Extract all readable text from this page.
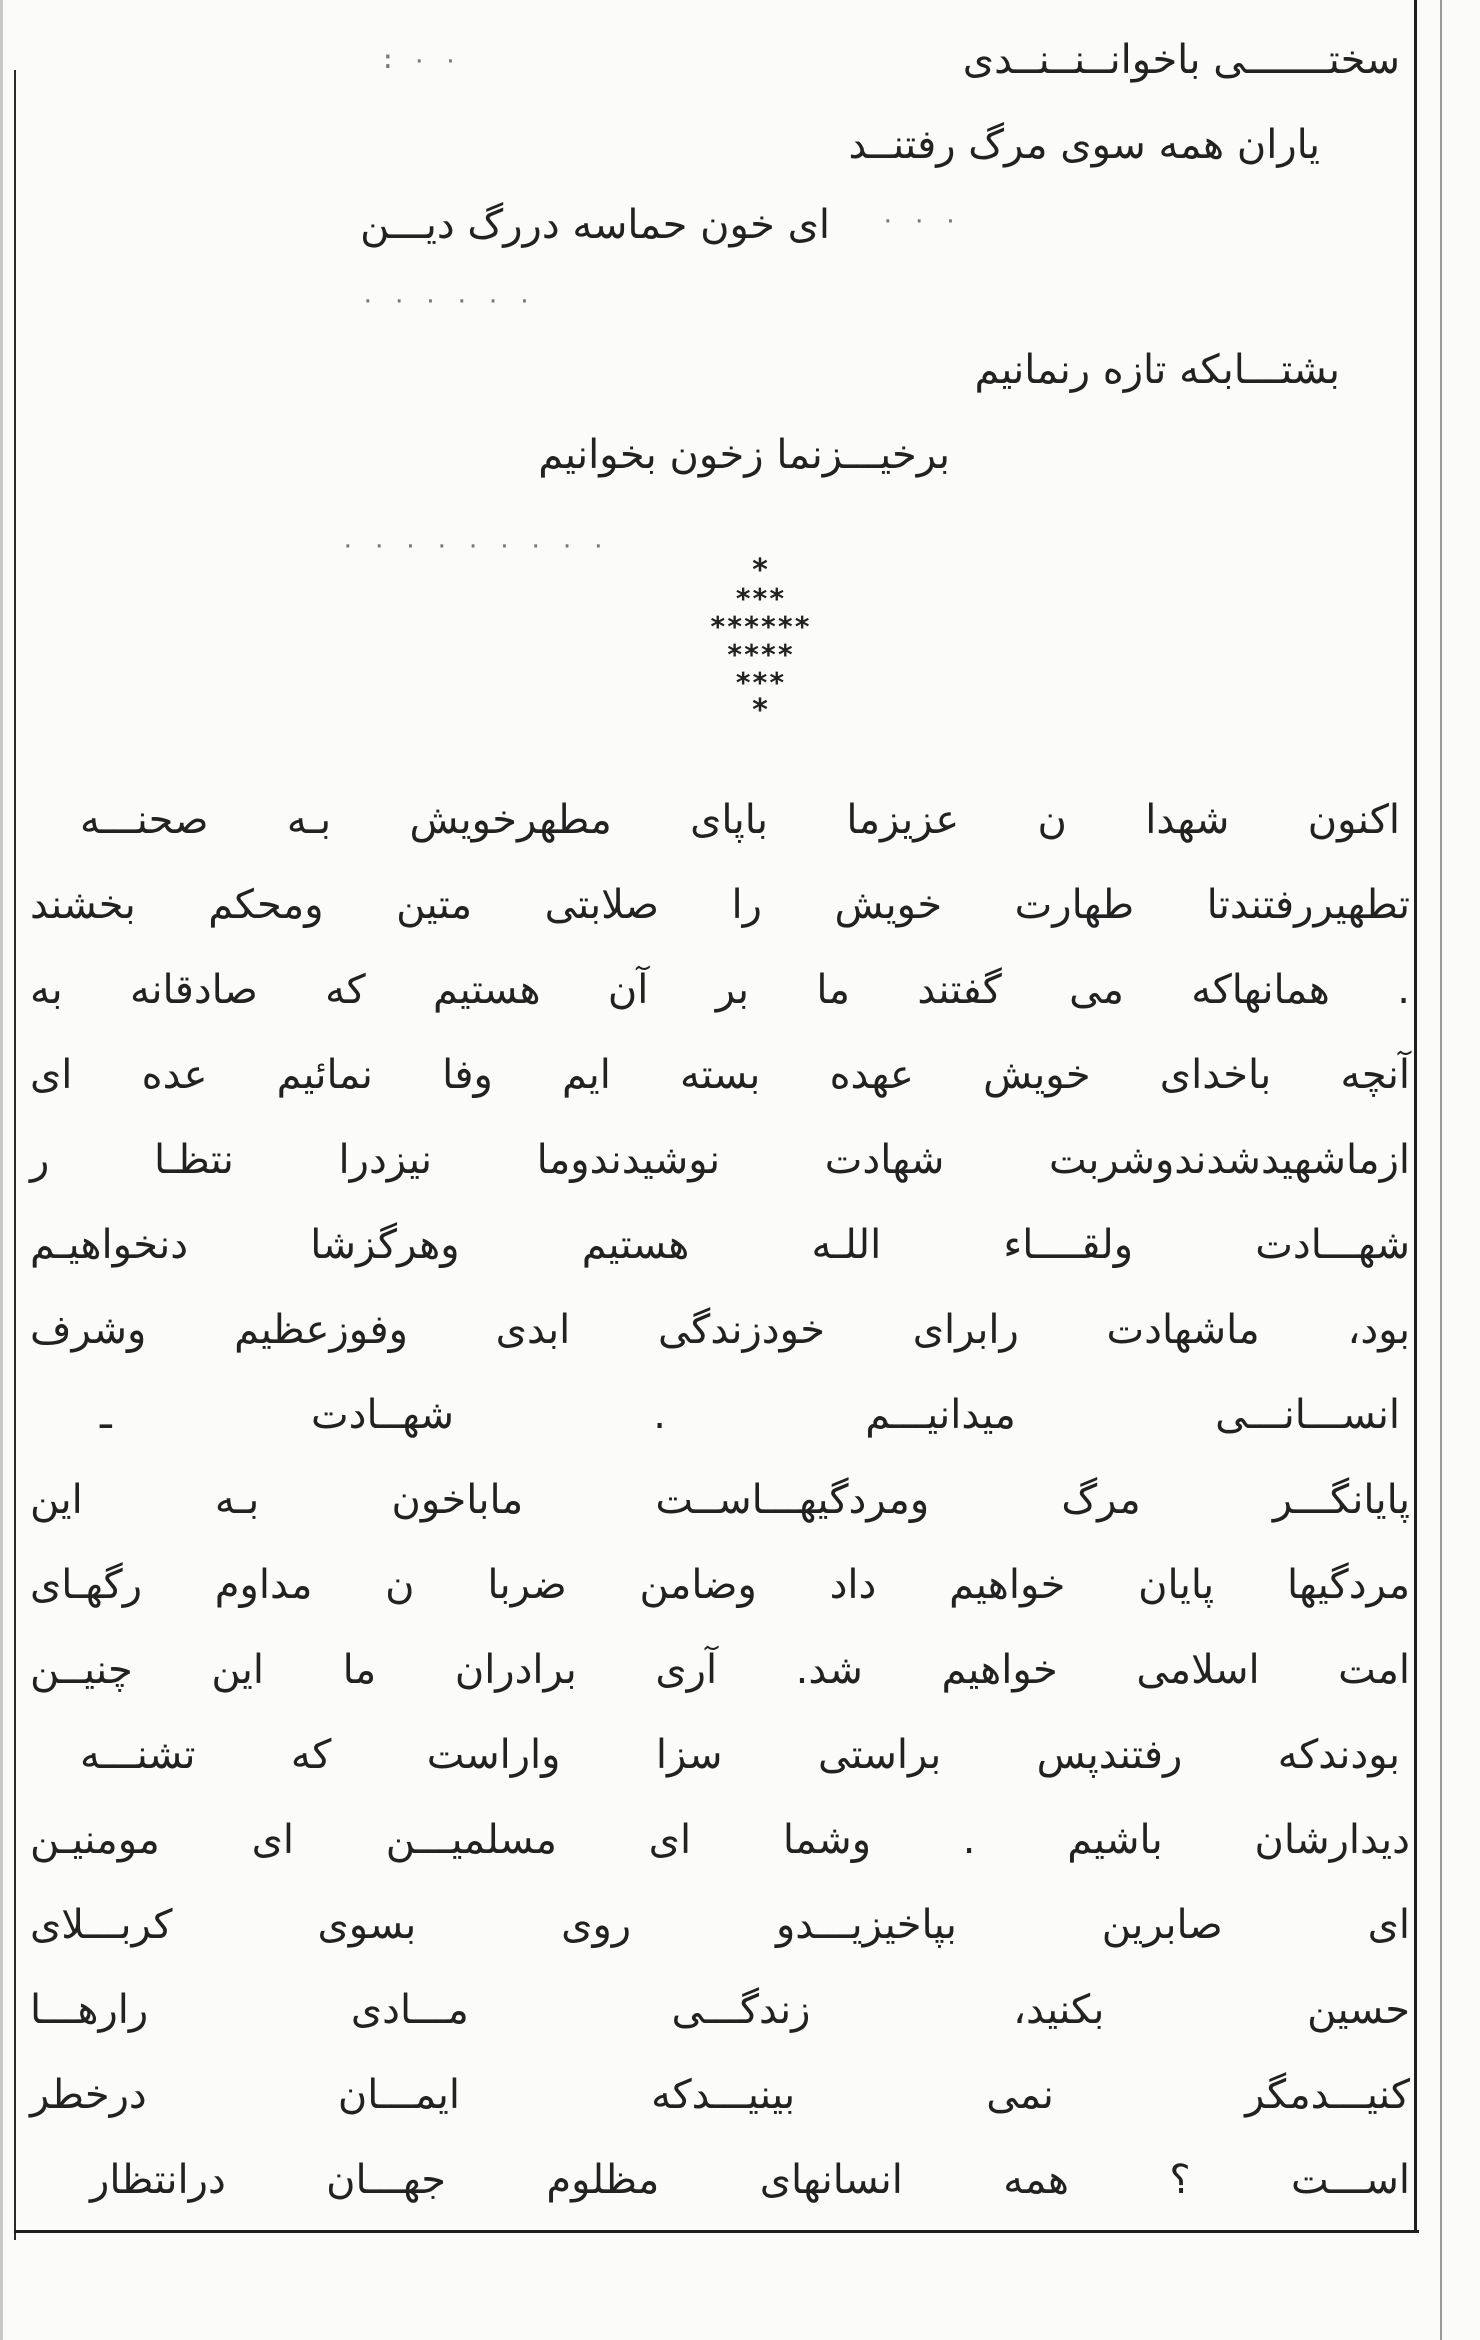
سختـــــــی باخوانــنــنــدی
یاران همه سوی مرگ رفتنــد
ای خون حماسه دررگ دیـــن
بشتـــابکه تازه رنمانیم
برخیـــزنما زخون بخوانیم
: ٠ ٠
٠ ٠ ٠
٠ ٠ ٠ ٠ ٠ ٠
٠ ٠ ٠ ٠ ٠ ٠ ٠ ٠ ٠
*
***
******
****
***
*
اکنون شهدا ن عزیزما باپای مطهرخویش بـه صحنـــه
تطهیررفتندتا طهارت خویش را صلابتی متین ومحکم بخشند
. همانهاکه می گفتند ما بر آن هستیم که صادقانه به
آنچه باخدای خویش عهده بسته ایم وفا نمائیم عده ای
ازماشهیدشدندوشربت شهادت نوشیدندوما نیزدرا نتظـا ر
شهـــادت ولقــــاء اللـه هستیم وهرگزشا دنخواهیـم
بود، ماشهادت رابرای خودزندگی ابدی وفوزعظیم وشرف
انســـانـــی میدانیـــم . شهــادت ـ
پایانگـــر مرگ ومردگیهـــاســت ماباخون بـه این
مردگیها پایان خواهیم داد وضامن ضربا ن مداوم رگهـای
امت اسلامی خواهیم شد. آری برادران ما این چنیــن
بودندکه رفتندپس براستی سزا واراست که تشنـــه
دیدارشان باشیم . وشما ای مسلمیـــن ای مومنیـن
ای صابرین بپاخیزیـــدو روی بسوی کربـــلای
حسین بکنید، زندگـــی مـــادی رارهـــا
کنیـــدمگر نمی بینیـــدکه ایمـــان درخطر
اســـت ؟ همه انسانهای مظلوم جهـــان درانتظار
